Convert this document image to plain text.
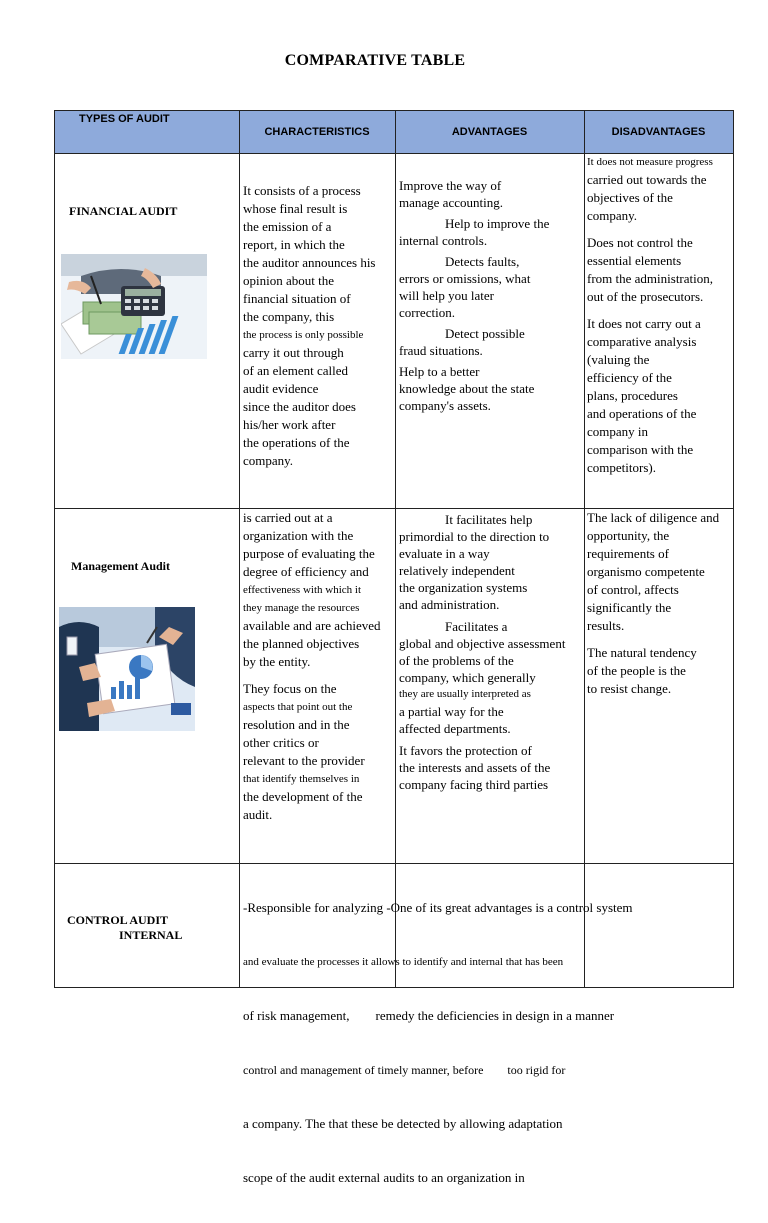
COMPARATIVE TABLE
TYPES OF AUDIT
CHARACTERISTICS	ADVANTAGES	DISADVANTAGES
FINANCIAL AUDIT

It consists of a process

whose final result is

the emission of a

report, in which the

the auditor announces his

opinion about the

financial situation of

the company, this

the process is only possible

carry it out through

of an element called

audit evidence

since the auditor does

his/her work after

the operations of the

company.

Improve the way of

manage accounting.

Help to improve the

internal controls.

Detects faults,

errors or omissions, what

will help you later

correction.

Detect possible

fraud situations.

Help to a better

knowledge about the state

company's assets.

It does not measure progress

carried out towards the

objectives of the

company.

Does not control the

essential elements

from the administration,

out of the prosecutors.

It does not carry out a

comparative analysis

(valuing the

efficiency of the

plans, procedures

and operations of the

company in

comparison with the

competitors).

Management Audit

is carried out at a

organization with the

purpose of evaluating the

degree of efficiency and

effectiveness with which it

they manage the resources

available and are achieved

the planned objectives

by the entity.

They focus on the

aspects that point out the

resolution and in the

other critics or

relevant to the provider

that identify themselves in

the development of the

audit.

It facilitates help

primordial to the direction to

evaluate in a way

relatively independent

the organization systems

and administration.

Facilitates a

global and objective assessment

of the problems of the

company, which generally

they are usually interpreted as

a partial way for the

affected departments.

It favors the protection of

the interests and assets of the

company facing third parties

The lack of diligence and

opportunity, the

requirements of

organismo competente

of control, affects

significantly the

results.

The natural tendency

of the people is the

to resist change.

CONTROL AUDIT
INTERNAL

-Responsible for analyzing -One of its great advantages is a control system

and evaluate the processes it allows to identify and internal that has been

of risk management,        remedy the deficiencies in design in a manner

control and management of timely manner, before        too rigid for

a company. The that these be detected by allowing adaptation

scope of the audit external audits to an organization in
